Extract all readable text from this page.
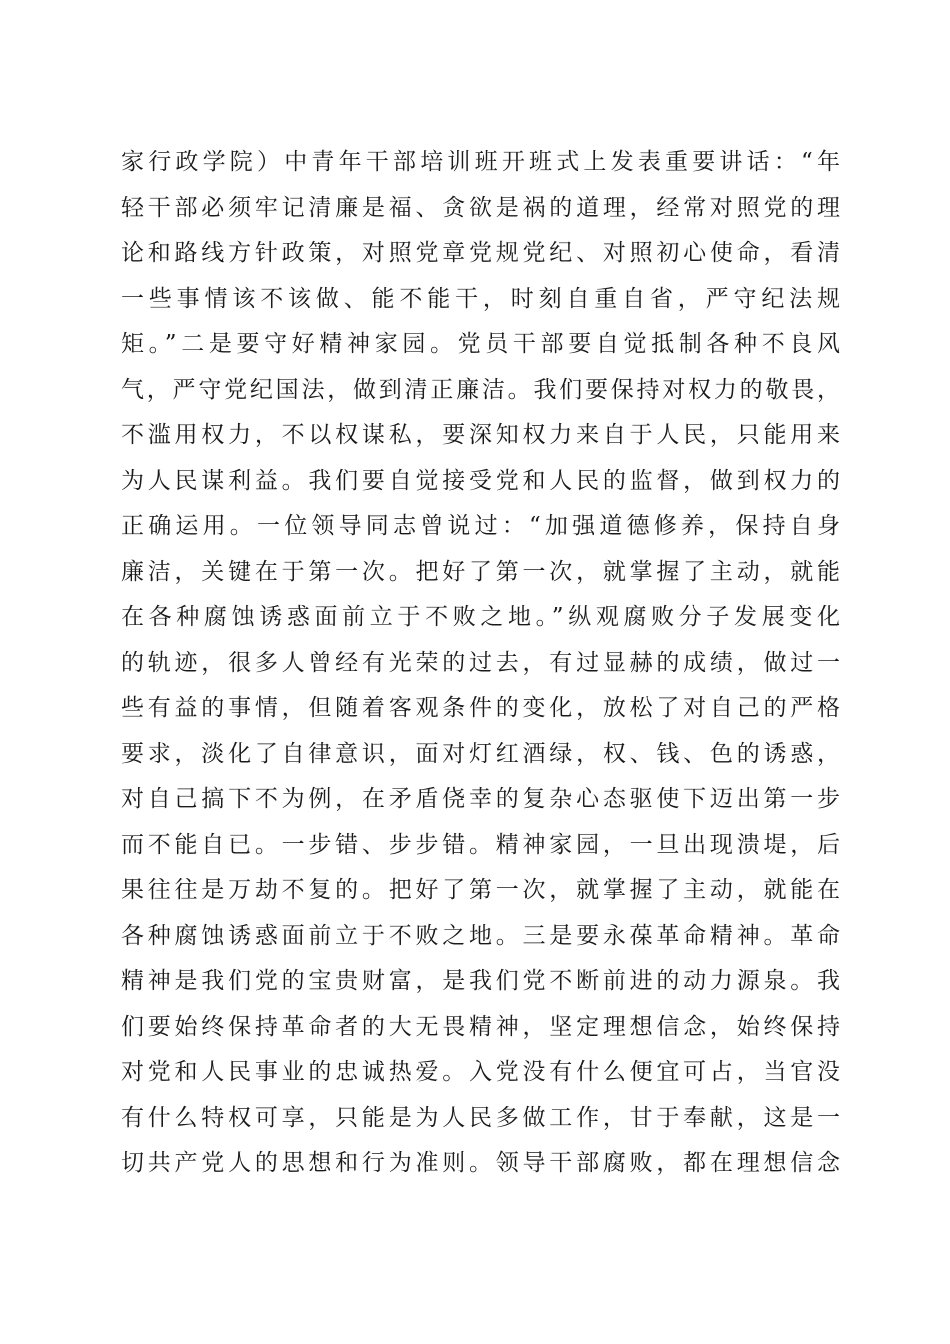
家行政学院）中青年干部培训班开班式上发表重要讲话：“年
轻干部必须牢记清廉是福、贪欲是祸的道理，经常对照党的理
论和路线方针政策，对照党章党规党纪、对照初心使命，看清
一些事情该不该做、能不能干，时刻自重自省，严守纪法规
矩。”二是要守好精神家园。党员干部要自觉抵制各种不良风
气，严守党纪国法，做到清正廉洁。我们要保持对权力的敬畏，
不滥用权力，不以权谋私，要深知权力来自于人民，只能用来
为人民谋利益。我们要自觉接受党和人民的监督，做到权力的
正确运用。一位领导同志曾说过：“加强道德修养，保持自身
廉洁，关键在于第一次。把好了第一次，就掌握了主动，就能
在各种腐蚀诱惑面前立于不败之地。”纵观腐败分子发展变化
的轨迹，很多人曾经有光荣的过去，有过显赫的成绩，做过一
些有益的事情，但随着客观条件的变化，放松了对自己的严格
要求，淡化了自律意识，面对灯红酒绿，权、钱、色的诱惑，
对自己搞下不为例，在矛盾侥幸的复杂心态驱使下迈出第一步
而不能自已。一步错、步步错。精神家园，一旦出现溃堤，后
果往往是万劫不复的。把好了第一次，就掌握了主动，就能在
各种腐蚀诱惑面前立于不败之地。三是要永葆革命精神。革命
精神是我们党的宝贵财富，是我们党不断前进的动力源泉。我
们要始终保持革命者的大无畏精神，坚定理想信念，始终保持
对党和人民事业的忠诚热爱。入党没有什么便宜可占，当官没
有什么特权可享，只能是为人民多做工作，甘于奉献，这是一
切共产党人的思想和行为准则。领导干部腐败，都在理想信念
